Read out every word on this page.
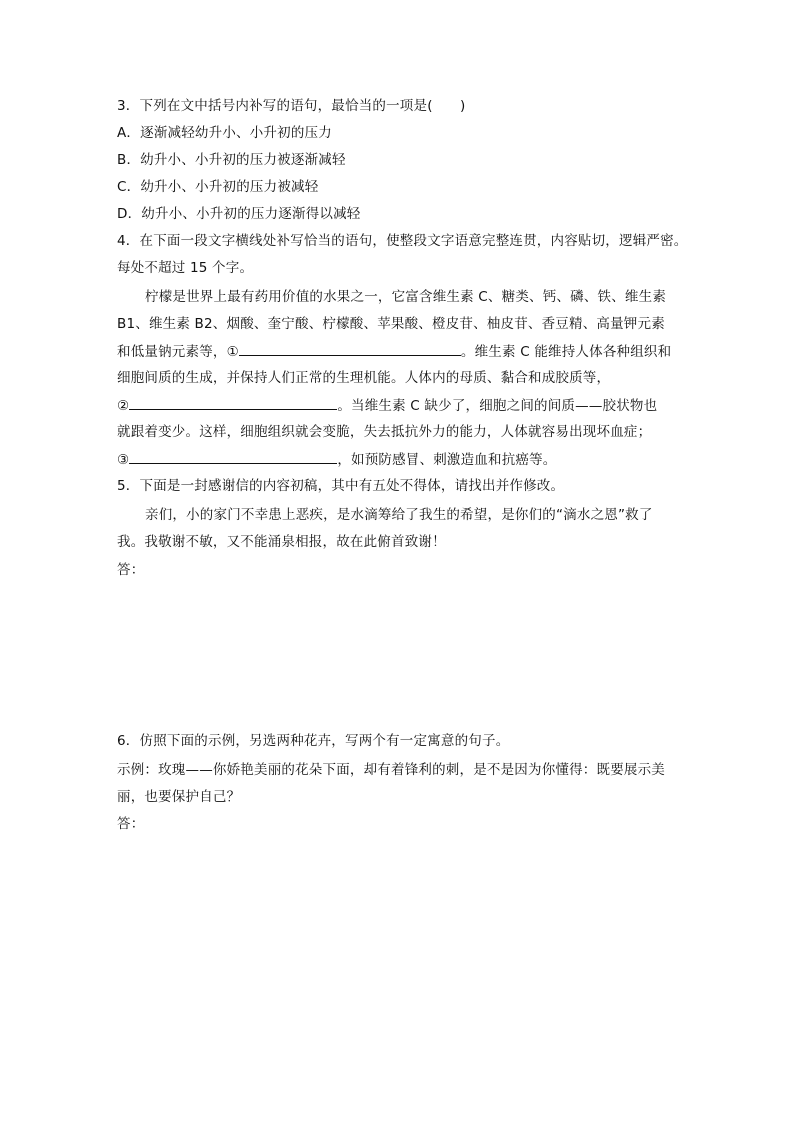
3．下列在文中括号内补写的语句，最恰当的一项是(　　)
A．逐渐减轻幼升小、小升初的压力
B．幼升小、小升初的压力被逐渐减轻
C．幼升小、小升初的压力被减轻
D．幼升小、小升初的压力逐渐得以减轻
4．在下面一段文字横线处补写恰当的语句，使整段文字语意完整连贯，内容贴切，逻辑严密。
每处不超过 15 个字。
柠檬是世界上最有药用价值的水果之一，它富含维生素 C、糖类、钙、磷、铁、维生素
B1、维生素 B2、烟酸、奎宁酸、柠檬酸、苹果酸、橙皮苷、柚皮苷、香豆精、高量钾元素
和低量钠元素等，①	。维生素 C 能维持人体各种组织和
细胞间质的生成，并保持人们正常的生理机能。人体内的母质、黏合和成胶质等，
②	。当维生素 C 缺少了，细胞之间的间质——胶状物也
就跟着变少。这样，细胞组织就会变脆，失去抵抗外力的能力，人体就容易出现坏血症；
③	，如预防感冒、刺激造血和抗癌等。
5．下面是一封感谢信的内容初稿，其中有五处不得体，请找出并作修改。
亲们，小的家门不幸患上恶疾，是水滴筹给了我生的希望，是你们的“滴水之恩”救了
我。我敬谢不敏，又不能涌泉相报，故在此俯首致谢！
答：
6．仿照下面的示例，另选两种花卉，写两个有一定寓意的句子。
示例：玫瑰——你娇艳美丽的花朵下面，却有着锋利的刺，是不是因为你懂得：既要展示美
丽，也要保护自己？
答：
